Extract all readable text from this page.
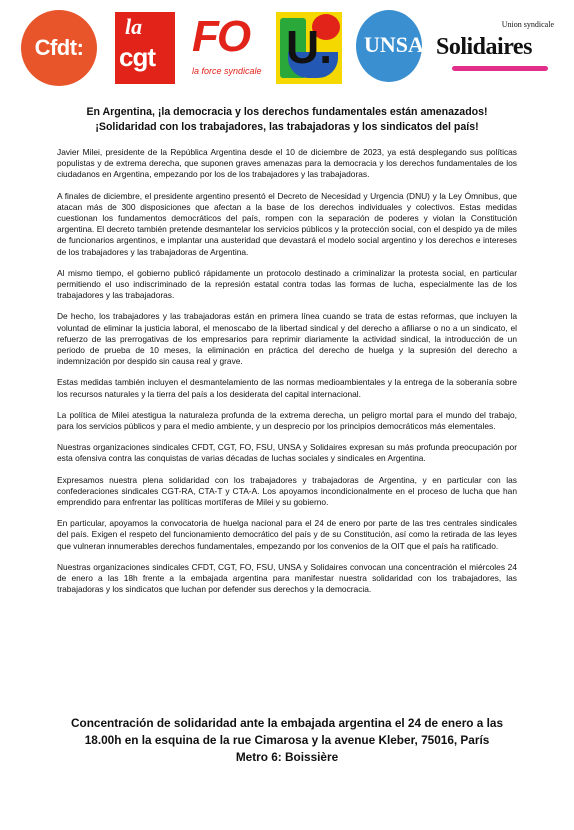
Cfdt:
la
cgt FO
la force syndicale U. UNSA
Union syndicale
Solidaires
En Argentina, ¡la democracia y los derechos fundamentales están amenazados!
¡Solidaridad con los trabajadores, las trabajadoras y los sindicatos del país!

Javier Milei, presidente de la República Argentina desde el 10 de diciembre de 2023, ya está desplegando sus políticas populistas y de extrema derecha, que suponen graves amenazas para la democracia y los derechos fundamentales de los ciudadanos en Argentina, empezando por los de los trabajadores y las trabajadoras.

A finales de diciembre, el presidente argentino presentó el Decreto de Necesidad y Urgencia (DNU) y la Ley Ómnibus, que atacan más de 300 disposiciones que afectan a la base de los derechos individuales y colectivos. Estas medidas cuestionan los fundamentos democráticos del país, rompen con la separación de poderes y violan la Constitución argentina. El decreto también pretende desmantelar los servicios públicos y la protección social, con el despido ya de miles de funcionarios argentinos, e implantar una austeridad que devastará el modelo social argentino y los derechos e intereses de los trabajadores y las trabajadoras de Argentina.

Al mismo tiempo, el gobierno publicó rápidamente un protocolo destinado a criminalizar la protesta social, en particular permitiendo el uso indiscriminado de la represión estatal contra todas las formas de lucha, especialmente las de los trabajadores y las trabajadoras.

De hecho, los trabajadores y las trabajadoras están en primera línea cuando se trata de estas reformas, que incluyen la voluntad de eliminar la justicia laboral, el menoscabo de la libertad sindical y del derecho a afiliarse o no a un sindicato, el refuerzo de las prerrogativas de los empresarios para reprimir diariamente la actividad sindical, la introducción de un periodo de prueba de 10 meses, la eliminación en práctica del derecho de huelga y la supresión del derecho a indemnización por despido sin causa real y grave.

Estas medidas también incluyen el desmantelamiento de las normas medioambientales y la entrega de la soberanía sobre los recursos naturales y la tierra del país a los desiderata del capital internacional.

La política de Milei atestigua la naturaleza profunda de la extrema derecha, un peligro mortal para el mundo del trabajo, para los servicios públicos y para el medio ambiente, y un desprecio por los principios democráticos más elementales.

Nuestras organizaciones sindicales CFDT, CGT, FO, FSU, UNSA y Solidaires expresan su más profunda preocupación por esta ofensiva contra las conquistas de varias décadas de luchas sociales y sindicales en Argentina.

Expresamos nuestra plena solidaridad con los trabajadores y trabajadoras de Argentina, y en particular con las confederaciones sindicales CGT-RA, CTA-T y CTA-A. Los apoyamos incondicionalmente en el proceso de lucha que han emprendido para enfrentar las políticas mortíferas de Milei y su gobierno.

En particular, apoyamos la convocatoria de huelga nacional para el 24 de enero por parte de las tres centrales sindicales del país. Exigen el respeto del funcionamiento democrático del país y de su Constitución, así como la retirada de las leyes que vulneran innumerables derechos fundamentales, empezando por los convenios de la OIT que el país ha ratificado.

Nuestras organizaciones sindicales CFDT, CGT, FO, FSU, UNSA y Solidaires convocan una concentración el miércoles 24 de enero a las 18h frente a la embajada argentina para manifestar nuestra solidaridad con los trabajadores, las trabajadoras y los sindicatos que luchan por defender sus derechos y la democracia.

Concentración de solidaridad ante la embajada argentina el 24 de enero a las
18.00h en la esquina de la rue Cimarosa y la avenue Kleber, 75016, París
Metro 6: Boissière
